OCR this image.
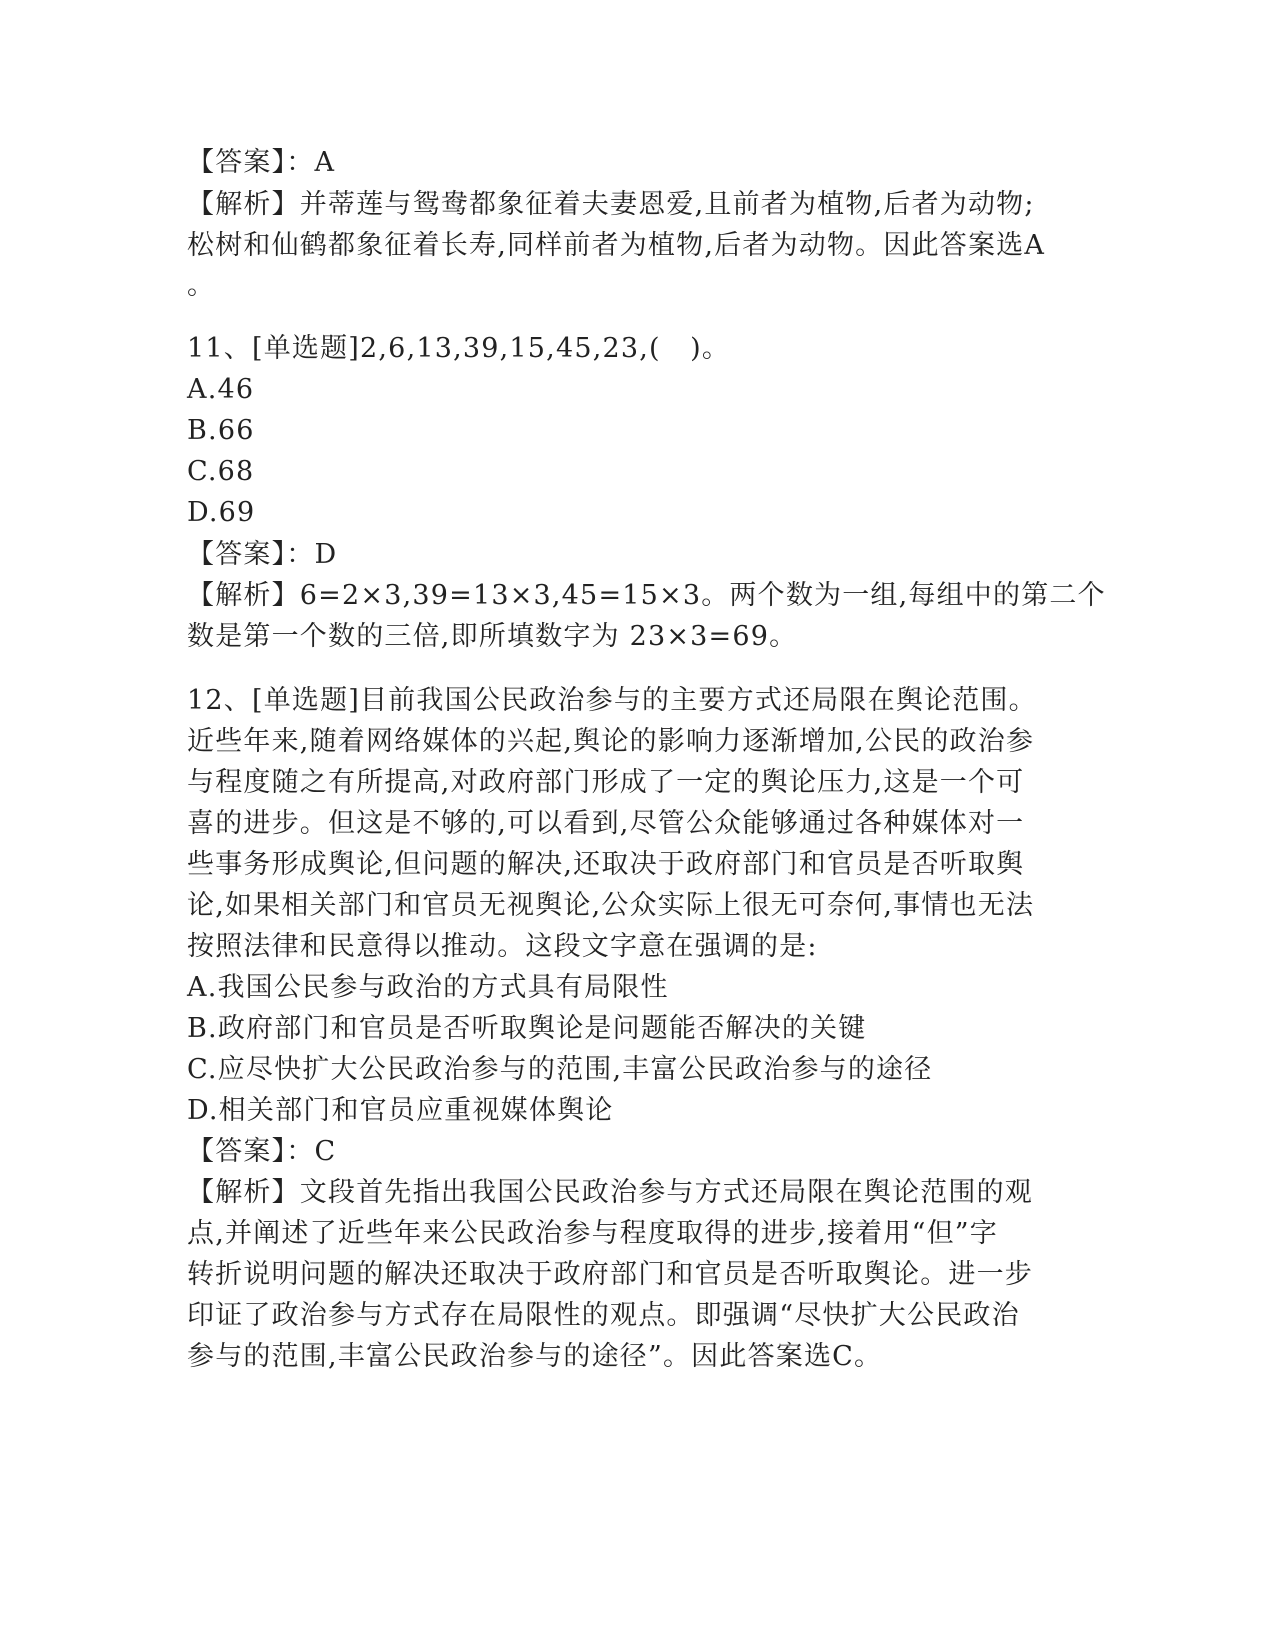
【答案】：A
【解析】并蒂莲与鸳鸯都象征着夫妻恩爱,且前者为植物,后者为动物;
松树和仙鹤都象征着长寿,同样前者为植物,后者为动物。因此答案选A
。
11、[单选题]2,6,13,39,15,45,23,(   )。
A.46
B.66
C.68
D.69
【答案】：D
【解析】6=2×3,39=13×3,45=15×3。两个数为一组,每组中的第二个
数是第一个数的三倍,即所填数字为 23×3=69。
12、[单选题]目前我国公民政治参与的主要方式还局限在舆论范围。
近些年来,随着网络媒体的兴起,舆论的影响力逐渐增加,公民的政治参
与程度随之有所提高,对政府部门形成了一定的舆论压力,这是一个可
喜的进步。但这是不够的,可以看到,尽管公众能够通过各种媒体对一
些事务形成舆论,但问题的解决,还取决于政府部门和官员是否听取舆
论,如果相关部门和官员无视舆论,公众实际上很无可奈何,事情也无法
按照法律和民意得以推动。这段文字意在强调的是:
A.我国公民参与政治的方式具有局限性
B.政府部门和官员是否听取舆论是问题能否解决的关键
C.应尽快扩大公民政治参与的范围,丰富公民政治参与的途径
D.相关部门和官员应重视媒体舆论
【答案】：C
【解析】文段首先指出我国公民政治参与方式还局限在舆论范围的观
点,并阐述了近些年来公民政治参与程度取得的进步,接着用“但”字
转折说明问题的解决还取决于政府部门和官员是否听取舆论。进一步
印证了政治参与方式存在局限性的观点。即强调“尽快扩大公民政治
参与的范围,丰富公民政治参与的途径”。因此答案选C。
